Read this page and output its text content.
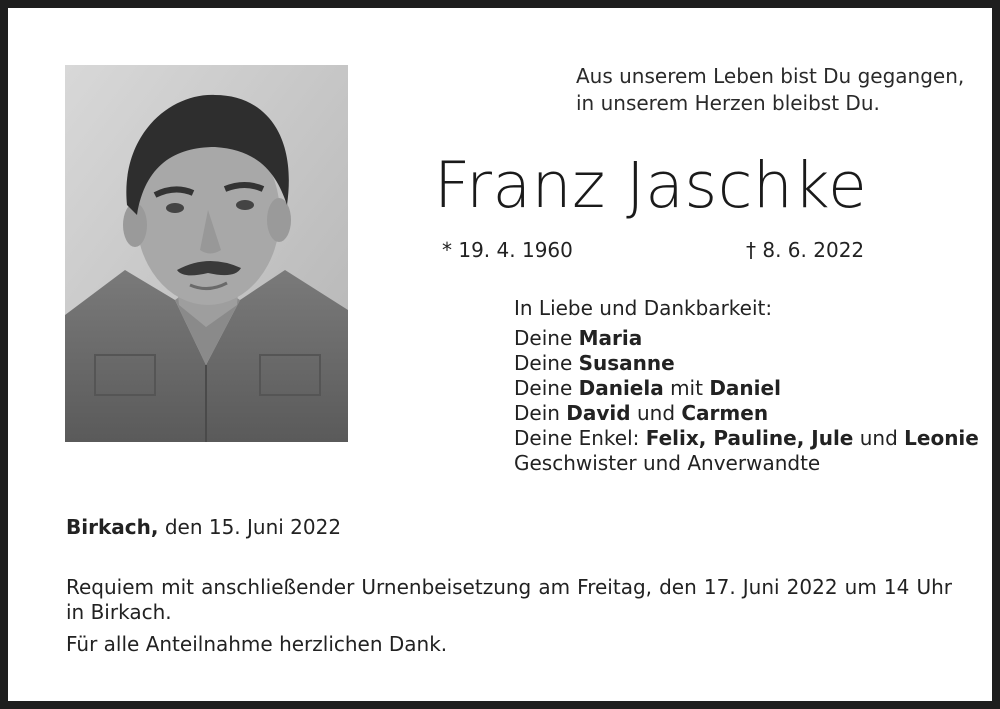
Aus unserem Leben bist Du gegangen,
in unserem Herzen bleibst Du.
Franz Jaschke
* 19. 4. 1960	† 8. 6. 2022
In Liebe und Dankbarkeit:
Deine Maria
Deine Susanne
Deine Daniela mit Daniel
Dein David und Carmen
Deine Enkel: Felix, Pauline, Jule und Leonie
Geschwister und Anverwandte
Birkach, den 15. Juni 2022
Requiem mit anschließender Urnenbeisetzung am Freitag, den 17. Juni 2022 um 14 Uhr in Birkach.
Für alle Anteilnahme herzlichen Dank.
